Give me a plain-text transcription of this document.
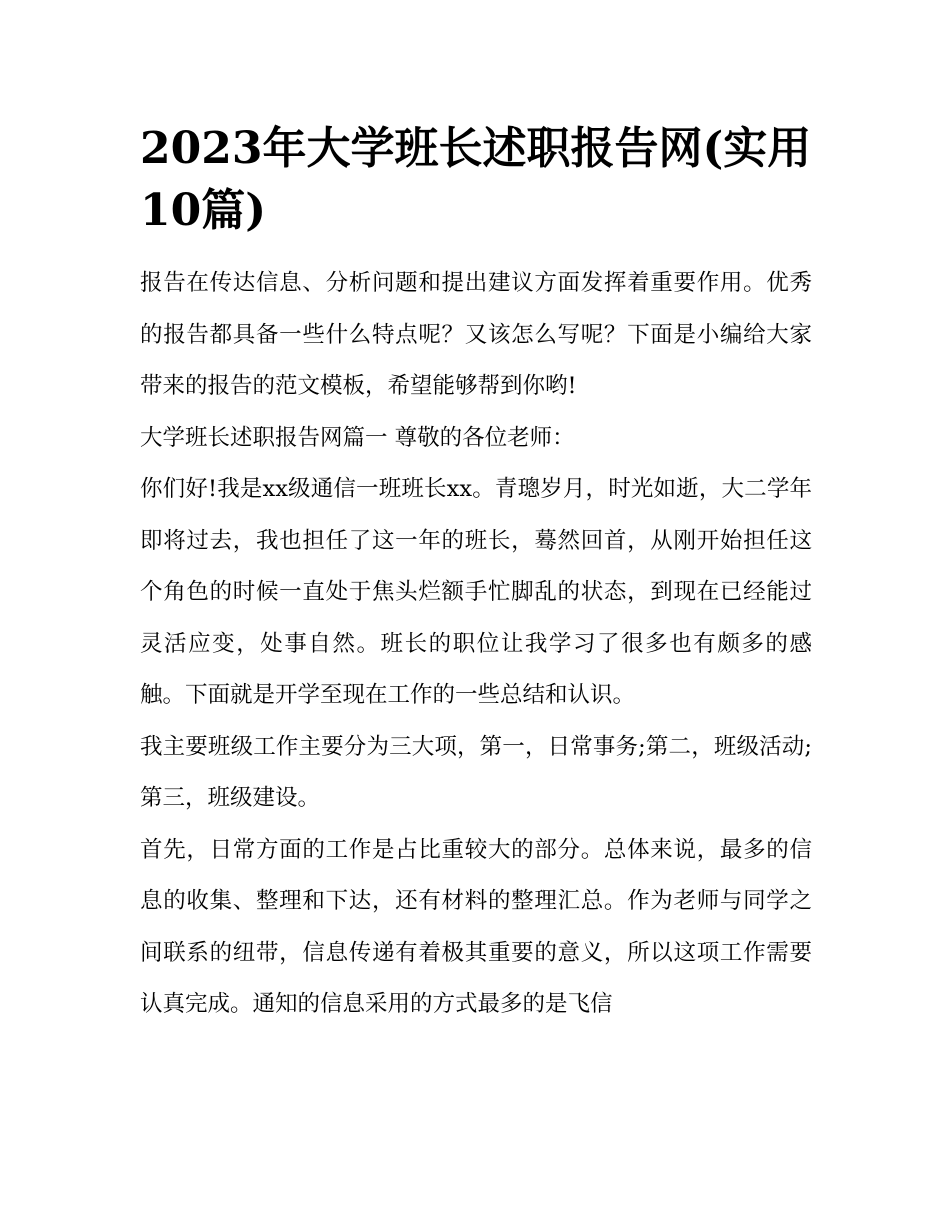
2023年大学班长述职报告网(实用10篇)

报告在传达信息、分析问题和提出建议方面发挥着重要作用。优秀的报告都具备一些什么特点呢？又该怎么写呢？下面是小编给大家带来的报告的范文模板，希望能够帮到你哟!

大学班长述职报告网篇一 尊敬的各位老师：

你们好!我是xx级通信一班班长xx。青璁岁月，时光如逝，大二学年即将过去，我也担任了这一年的班长，蓦然回首，从刚开始担任这个角色的时候一直处于焦头烂额手忙脚乱的状态，到现在已经能过灵活应变，处事自然。班长的职位让我学习了很多也有颇多的感触。下面就是开学至现在工作的一些总结和认识。

我主要班级工作主要分为三大项，第一，日常事务;第二，班级活动;第三，班级建设。

首先，日常方面的工作是占比重较大的部分。总体来说，最多的信息的收集、整理和下达，还有材料的整理汇总。作为老师与同学之间联系的纽带，信息传递有着极其重要的意义，所以这项工作需要认真完成。通知的信息采用的方式最多的是飞信
